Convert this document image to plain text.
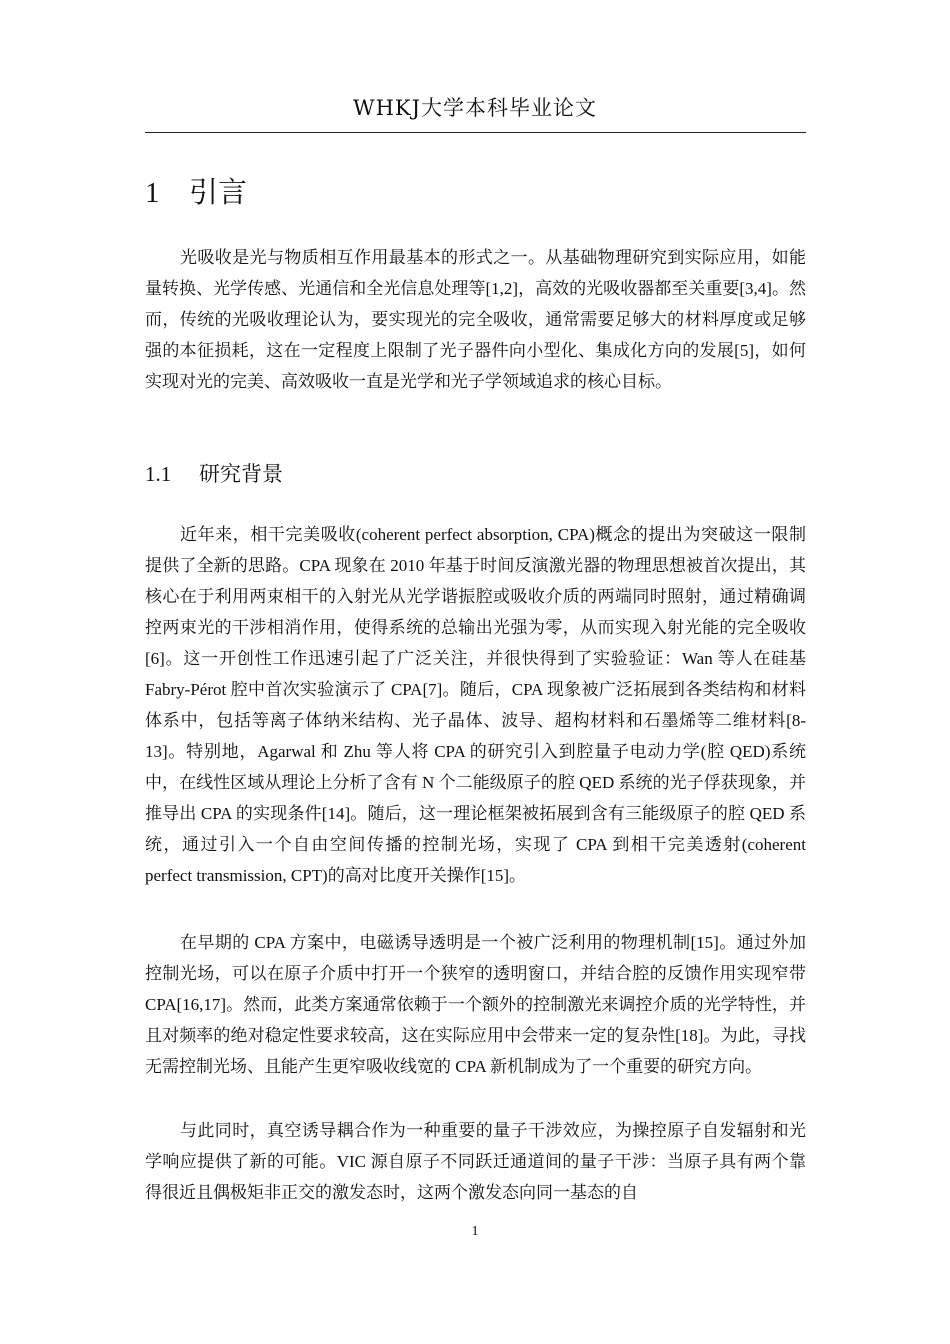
WHKJ大学本科毕业论文
1 引言

光吸收是光与物质相互作用最基本的形式之一。从基础物理研究到实际应用，如能量转换、光学传感、光通信和全光信息处理等[1,2]，高效的光吸收器都至关重要[3,4]。然而，传统的光吸收理论认为，要实现光的完全吸收，通常需要足够大的材料厚度或足够强的本征损耗，这在一定程度上限制了光子器件向小型化、集成化方向的发展[5]，如何实现对光的完美、高效吸收一直是光学和光子学领域追求的核心目标。

1.1 研究背景

近年来，相干完美吸收(coherent perfect absorption, CPA)概念的提出为突破这一限制提供了全新的思路。CPA 现象在 2010 年基于时间反演激光器的物理思想被首次提出，其核心在于利用两束相干的入射光从光学谐振腔或吸收介质的两端同时照射，通过精确调控两束光的干涉相消作用，使得系统的总输出光强为零，从而实现入射光能的完全吸收[6]。这一开创性工作迅速引起了广泛关注，并很快得到了实验验证：Wan 等人在硅基 Fabry-Pérot 腔中首次实验演示了 CPA[7]。随后，CPA 现象被广泛拓展到各类结构和材料体系中，包括等离子体纳米结构、光子晶体、波导、超构材料和石墨烯等二维材料[8-13]。特别地，Agarwal 和 Zhu 等人将 CPA 的研究引入到腔量子电动力学(腔 QED)系统中，在线性区域从理论上分析了含有 N 个二能级原子的腔 QED 系统的光子俘获现象，并推导出 CPA 的实现条件[14]。随后，这一理论框架被拓展到含有三能级原子的腔 QED 系统，通过引入一个自由空间传播的控制光场，实现了 CPA 到相干完美透射(coherent perfect transmission, CPT)的高对比度开关操作[15]。

在早期的 CPA 方案中，电磁诱导透明是一个被广泛利用的物理机制[15]。通过外加控制光场，可以在原子介质中打开一个狭窄的透明窗口，并结合腔的反馈作用实现窄带 CPA[16,17]。然而，此类方案通常依赖于一个额外的控制激光来调控介质的光学特性，并且对频率的绝对稳定性要求较高，这在实际应用中会带来一定的复杂性[18]。为此，寻找无需控制光场、且能产生更窄吸收线宽的 CPA 新机制成为了一个重要的研究方向。

与此同时，真空诱导耦合作为一种重要的量子干涉效应，为操控原子自发辐射和光学响应提供了新的可能。VIC 源自原子不同跃迁通道间的量子干涉：当原子具有两个靠得很近且偶极矩非正交的激发态时，这两个激发态向同一基态的自

1
